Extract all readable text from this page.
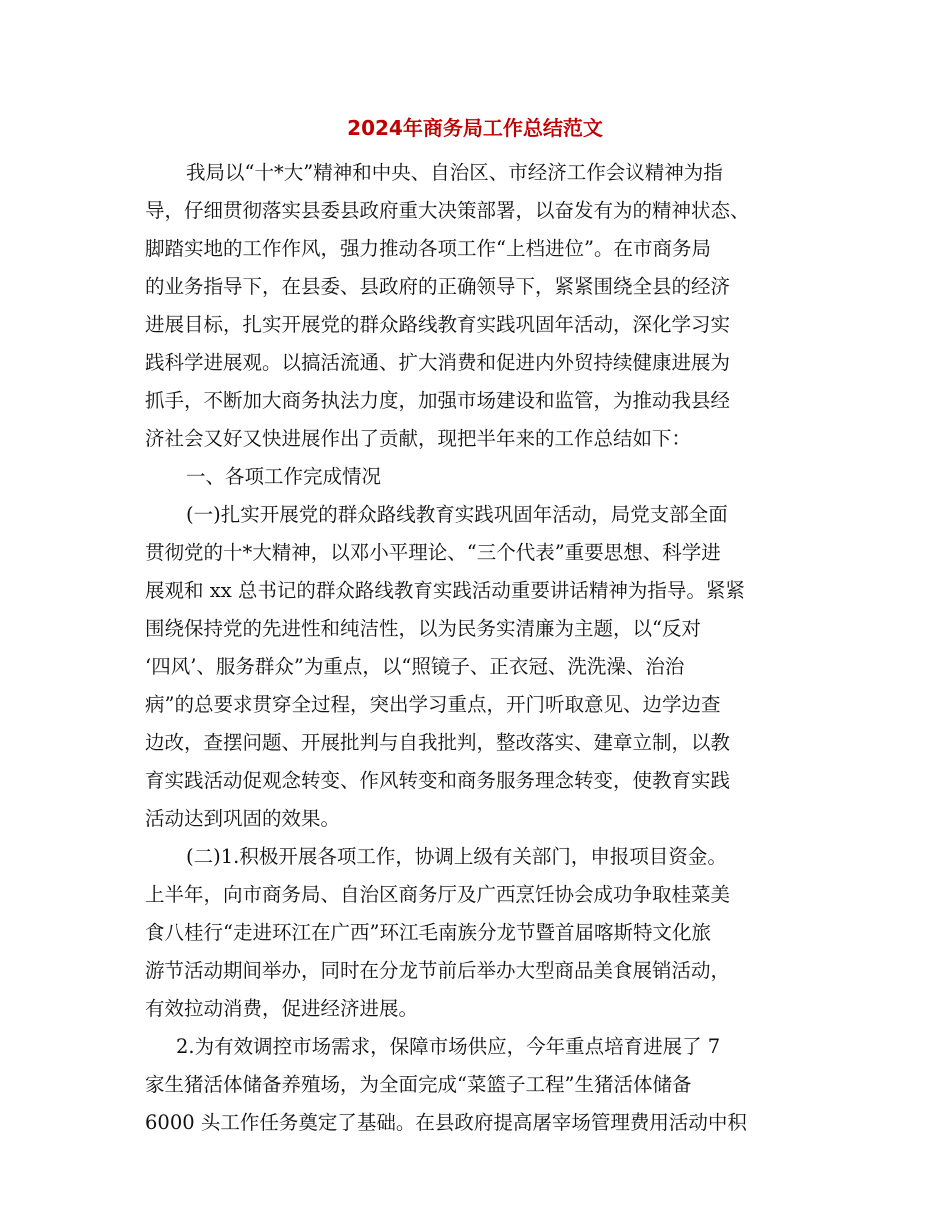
2024年商务局工作总结范文

我局以“十*大”精神和中央、自治区、市经济工作会议精神为指

导，仔细贯彻落实县委县政府重大决策部署，以奋发有为的精神状态、

脚踏实地的工作作风，强力推动各项工作“上档进位”。在市商务局

的业务指导下，在县委、县政府的正确领导下，紧紧围绕全县的经济

进展目标，扎实开展党的群众路线教育实践巩固年活动，深化学习实

践科学进展观。以搞活流通、扩大消费和促进内外贸持续健康进展为

抓手，不断加大商务执法力度，加强市场建设和监管，为推动我县经

济社会又好又快进展作出了贡献，现把半年来的工作总结如下：

一、各项工作完成情况

(一)扎实开展党的群众路线教育实践巩固年活动，局党支部全面

贯彻党的十*大精神，以邓小平理论、“三个代表”重要思想、科学进

展观和 xx 总书记的群众路线教育实践活动重要讲话精神为指导。紧紧

围绕保持党的先进性和纯洁性，以为民务实清廉为主题，以“反对

‘四风’、服务群众”为重点，以“照镜子、正衣冠、洗洗澡、治治

病”的总要求贯穿全过程，突出学习重点，开门听取意见、边学边查

边改，查摆问题、开展批判与自我批判，整改落实、建章立制，以教

育实践活动促观念转变、作风转变和商务服务理念转变，使教育实践

活动达到巩固的效果。

(二)1.积极开展各项工作，协调上级有关部门，申报项目资金。

上半年，向市商务局、自治区商务厅及广西烹饪协会成功争取桂菜美

食八桂行“走进环江在广西”环江毛南族分龙节暨首届喀斯特文化旅

游节活动期间举办，同时在分龙节前后举办大型商品美食展销活动，

有效拉动消费，促进经济进展。

2.为有效调控市场需求，保障市场供应，今年重点培育进展了 7

家生猪活体储备养殖场，为全面完成“菜篮子工程”生猪活体储备

6000 头工作任务奠定了基础。在县政府提高屠宰场管理费用活动中积
